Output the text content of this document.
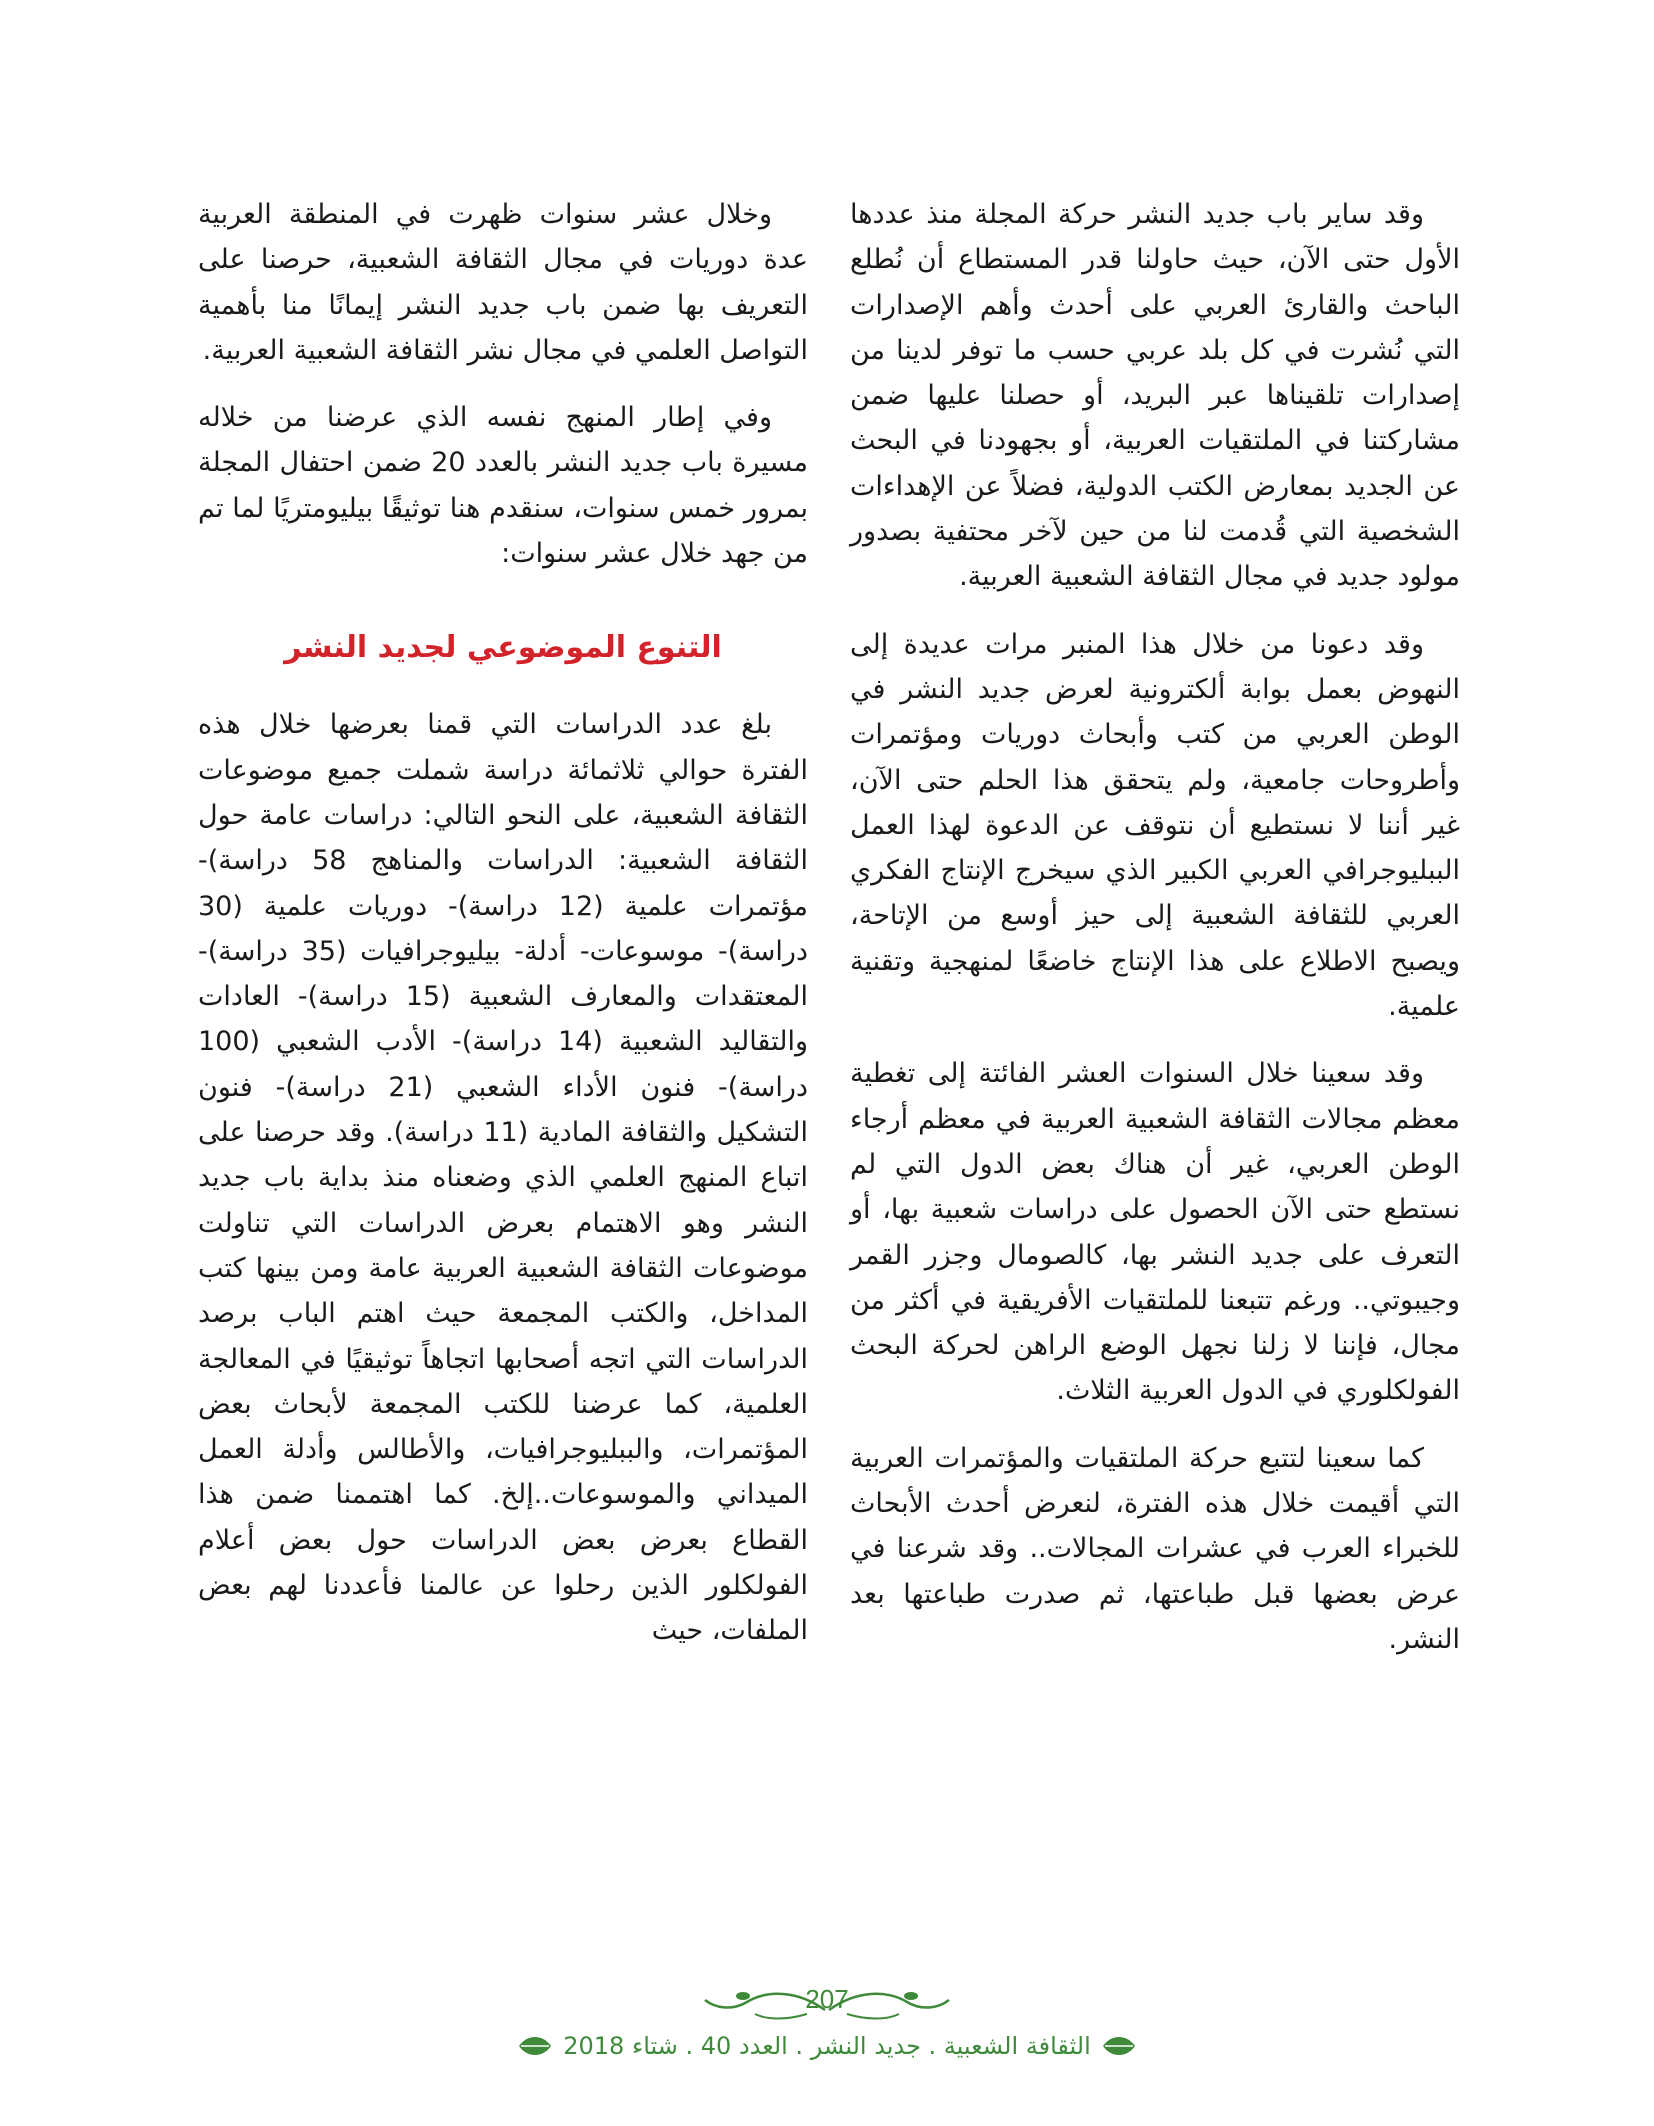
وقد ساير باب جديد النشر حركة المجلة منذ عددها الأول حتى الآن، حيث حاولنا قدر المستطاع أن نُطلع الباحث والقارئ العربي على أحدث وأهم الإصدارات التي نُشرت في كل بلد عربي حسب ما توفر لدينا من إصدارات تلقيناها عبر البريد، أو حصلنا عليها ضمن مشاركتنا في الملتقيات العربية، أو بجهودنا في البحث عن الجديد بمعارض الكتب الدولية، فضلاً عن الإهداءات الشخصية التي قُدمت لنا من حين لآخر محتفية بصدور مولود جديد في مجال الثقافة الشعبية العربية.

وقد دعونا من خلال هذا المنبر مرات عديدة إلى النهوض بعمل بوابة ألكترونية لعرض جديد النشر في الوطن العربي من كتب وأبحاث دوريات ومؤتمرات وأطروحات جامعية، ولم يتحقق هذا الحلم حتى الآن، غير أننا لا نستطيع أن نتوقف عن الدعوة لهذا العمل الببليوجرافي العربي الكبير الذي سيخرج الإنتاج الفكري العربي للثقافة الشعبية إلى حيز أوسع من الإتاحة، ويصبح الاطلاع على هذا الإنتاج خاضعًا لمنهجية وتقنية علمية.

وقد سعينا خلال السنوات العشر الفائتة إلى تغطية معظم مجالات الثقافة الشعبية العربية في معظم أرجاء الوطن العربي، غير أن هناك بعض الدول التي لم نستطع حتى الآن الحصول على دراسات شعبية بها، أو التعرف على جديد النشر بها، كالصومال وجزر القمر وجيبوتي.. ورغم تتبعنا للملتقيات الأفريقية في أكثر من مجال، فإننا لا زلنا نجهل الوضع الراهن لحركة البحث الفولكلوري في الدول العربية الثلاث.

كما سعينا لتتبع حركة الملتقيات والمؤتمرات العربية التي أقيمت خلال هذه الفترة، لنعرض أحدث الأبحاث للخبراء العرب في عشرات المجالات.. وقد شرعنا في عرض بعضها قبل طباعتها، ثم صدرت طباعتها بعد النشر.

وخلال عشر سنوات ظهرت في المنطقة العربية عدة دوريات في مجال الثقافة الشعبية، حرصنا على التعريف بها ضمن باب جديد النشر إيمانًا منا بأهمية التواصل العلمي في مجال نشر الثقافة الشعبية العربية.

وفي إطار المنهج نفسه الذي عرضنا من خلاله مسيرة باب جديد النشر بالعدد 20 ضمن احتفال المجلة بمرور خمس سنوات، سنقدم هنا توثيقًا بيليومتريًا لما تم من جهد خلال عشر سنوات:

التنوع الموضوعي لجديد النشر

بلغ عدد الدراسات التي قمنا بعرضها خلال هذه الفترة حوالي ثلاثمائة دراسة شملت جميع موضوعات الثقافة الشعبية، على النحو التالي: دراسات عامة حول الثقافة الشعبية: الدراسات والمناهج 58 دراسة)- مؤتمرات علمية (12 دراسة)- دوريات علمية (30 دراسة)- موسوعات- أدلة- بيليوجرافيات (35 دراسة)- المعتقدات والمعارف الشعبية (15 دراسة)- العادات والتقاليد الشعبية (14 دراسة)- الأدب الشعبي (100 دراسة)- فنون الأداء الشعبي (21 دراسة)- فنون التشكيل والثقافة المادية (11 دراسة). وقد حرصنا على اتباع المنهج العلمي الذي وضعناه منذ بداية باب جديد النشر وهو الاهتمام بعرض الدراسات التي تناولت موضوعات الثقافة الشعبية العربية عامة ومن بينها كتب المداخل، والكتب المجمعة حيث اهتم الباب برصد الدراسات التي اتجه أصحابها اتجاهاً توثيقيًا في المعالجة العلمية، كما عرضنا للكتب المجمعة لأبحاث بعض المؤتمرات، والببليوجرافيات، والأطالس وأدلة العمل الميداني والموسوعات..إلخ. كما اهتممنا ضمن هذا القطاع بعرض بعض الدراسات حول بعض أعلام الفولكلور الذين رحلوا عن عالمنا فأعددنا لهم بعض الملفات، حيث

207
الثقافة الشعبية . جديد النشر . العدد 40 . شتاء 2018
